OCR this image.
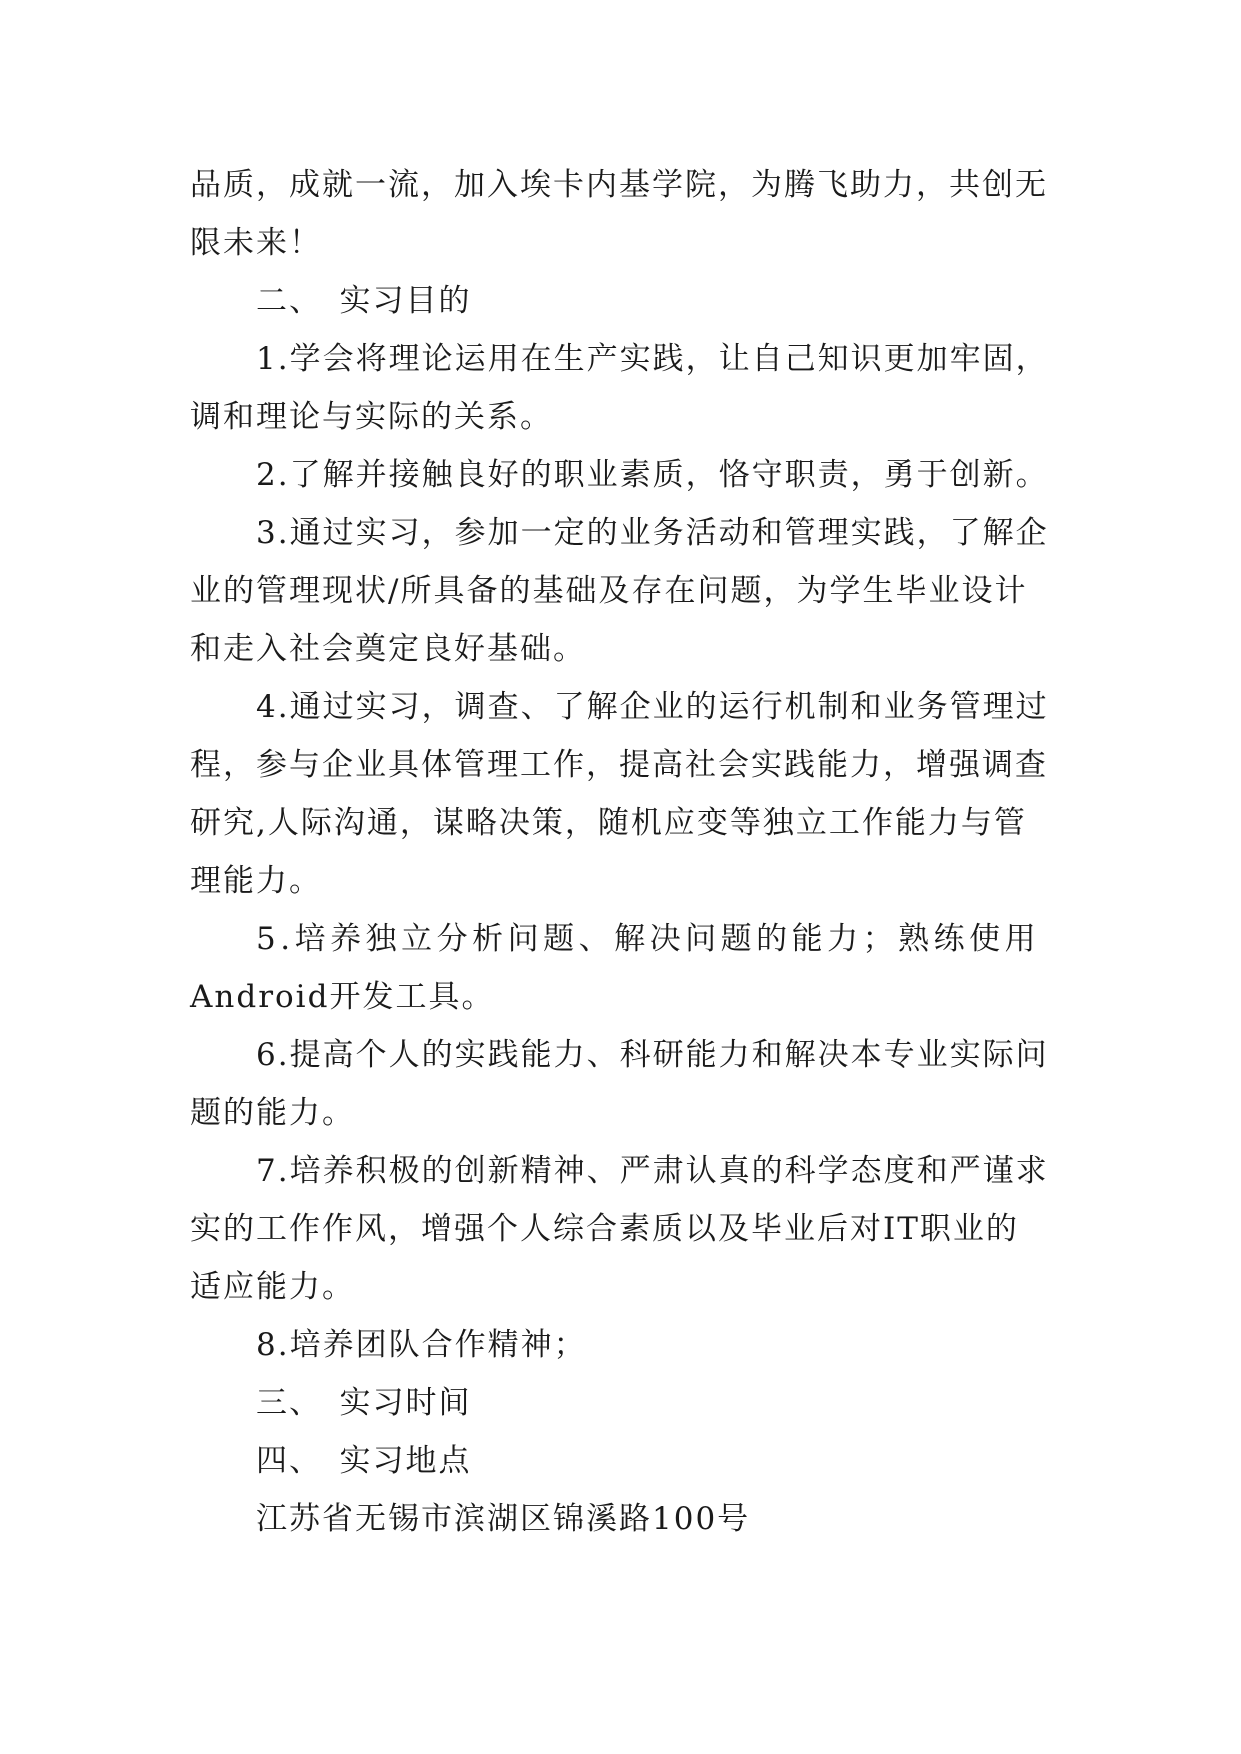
品质，成就一流，加入埃卡内基学院，为腾飞助力，共创无
限未来！
二、　实习目的
1.学会将理论运用在生产实践，让自己知识更加牢固，
调和理论与实际的关系。
2.了解并接触良好的职业素质，恪守职责，勇于创新。
3.通过实习，参加一定的业务活动和管理实践，了解企
业的管理现状/所具备的基础及存在问题，为学生毕业设计
和走入社会奠定良好基础。
4.通过实习，调查、了解企业的运行机制和业务管理过
程，参与企业具体管理工作，提高社会实践能力，增强调查
研究,人际沟通，谋略决策，随机应变等独立工作能力与管
理能力。
5.培养独立分析问题、解决问题的能力；熟练使用
Android开发工具。
6.提高个人的实践能力、科研能力和解决本专业实际问
题的能力。
7.培养积极的创新精神、严肃认真的科学态度和严谨求
实的工作作风，增强个人综合素质以及毕业后对IT职业的
适应能力。
8.培养团队合作精神；
三、　实习时间
四、　实习地点
江苏省无锡市滨湖区锦溪路100号
